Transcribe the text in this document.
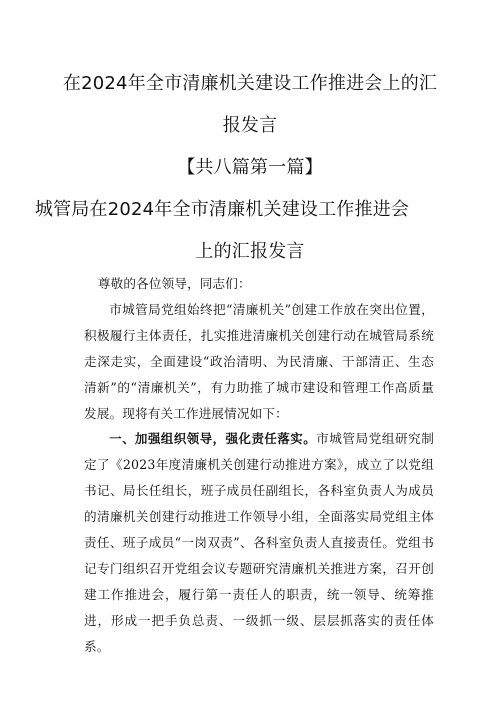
在2024年全市清廉机关建设工作推进会上的汇
报发言
【共八篇第一篇】
城管局在2024年全市清廉机关建设工作推进会
上的汇报发言

尊敬的各位领导，同志们：

市城管局党组始终把“清廉机关”创建工作放在突出位置，积极履行主体责任，扎实推进清廉机关创建行动在城管局系统走深走实，全面建设“政治清明、为民清廉、干部清正、生态清新”的“清廉机关”，有力助推了城市建设和管理工作高质量发展。现将有关工作进展情况如下：

一、加强组织领导，强化责任落实。市城管局党组研究制定了《2023年度清廉机关创建行动推进方案》，成立了以党组书记、局长任组长，班子成员任副组长，各科室负责人为成员的清廉机关创建行动推进工作领导小组，全面落实局党组主体责任、班子成员“一岗双责”、各科室负责人直接责任。党组书记专门组织召开党组会议专题研究清廉机关推进方案，召开创建工作推进会，履行第一责任人的职责，统一领导、统筹推进，形成一把手负总责、一级抓一级、层层抓落实的责任体系。
